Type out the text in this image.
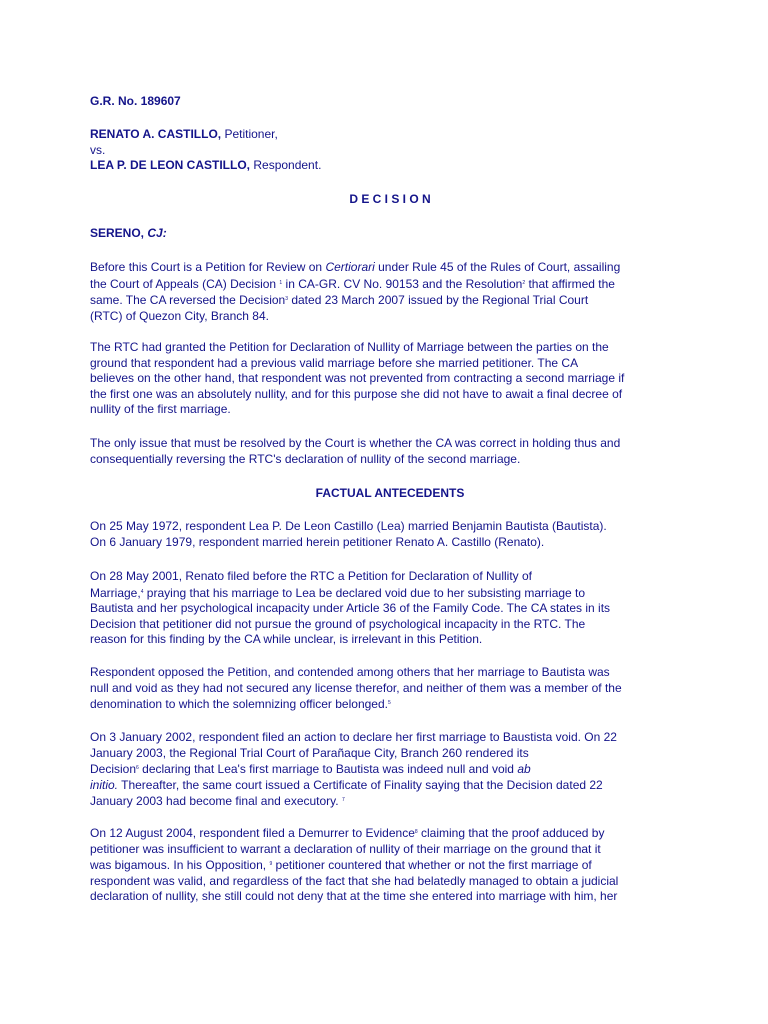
G.R. No. 189607
RENATO A. CASTILLO, Petitioner,
vs.
LEA P. DE LEON CASTILLO, Respondent.
D E C I S I O N
SERENO, CJ:
Before this Court is a Petition for Review on Certiorari under Rule 45 of the Rules of Court, assailing
the Court of Appeals (CA) Decision $^1$ in CA-GR. CV No. 90153 and the Resolution$^2$ that affirmed the
same. The CA reversed the Decision$^3$ dated 23 March 2007 issued by the Regional Trial Court
(RTC) of Quezon City, Branch 84.
The RTC had granted the Petition for Declaration of Nullity of Marriage between the parties on the
ground that respondent had a previous valid marriage before she married petitioner. The CA
believes on the other hand, that respondent was not prevented from contracting a second marriage if
the first one was an absolutely nullity, and for this purpose she did not have to await a final decree of
nullity of the first marriage.
The only issue that must be resolved by the Court is whether the CA was correct in holding thus and
consequentially reversing the RTC's declaration of nullity of the second marriage.
FACTUAL ANTECEDENTS
On 25 May 1972, respondent Lea P. De Leon Castillo (Lea) married Benjamin Bautista (Bautista).
On 6 January 1979, respondent married herein petitioner Renato A. Castillo (Renato).
On 28 May 2001, Renato filed before the RTC a Petition for Declaration of Nullity of
Marriage,$^4$ praying that his marriage to Lea be declared void due to her subsisting marriage to
Bautista and her psychological incapacity under Article 36 of the Family Code. The CA states in its
Decision that petitioner did not pursue the ground of psychological incapacity in the RTC. The
reason for this finding by the CA while unclear, is irrelevant in this Petition.
Respondent opposed the Petition, and contended among others that her marriage to Bautista was
null and void as they had not secured any license therefor, and neither of them was a member of the
denomination to which the solemnizing officer belonged.$^5$
On 3 January 2002, respondent filed an action to declare her first marriage to Baustista void. On 22
January 2003, the Regional Trial Court of Parañaque City, Branch 260 rendered its
Decision$^6$ declaring that Lea's first marriage to Bautista was indeed null and void ab
initio. Thereafter, the same court issued a Certificate of Finality saying that the Decision dated 22
January 2003 had become final and executory. $^7$
On 12 August 2004, respondent filed a Demurrer to Evidence$^8$ claiming that the proof adduced by
petitioner was insufficient to warrant a declaration of nullity of their marriage on the ground that it
was bigamous. In his Opposition, $^9$ petitioner countered that whether or not the first marriage of
respondent was valid, and regardless of the fact that she had belatedly managed to obtain a judicial
declaration of nullity, she still could not deny that at the time she entered into marriage with him, her
